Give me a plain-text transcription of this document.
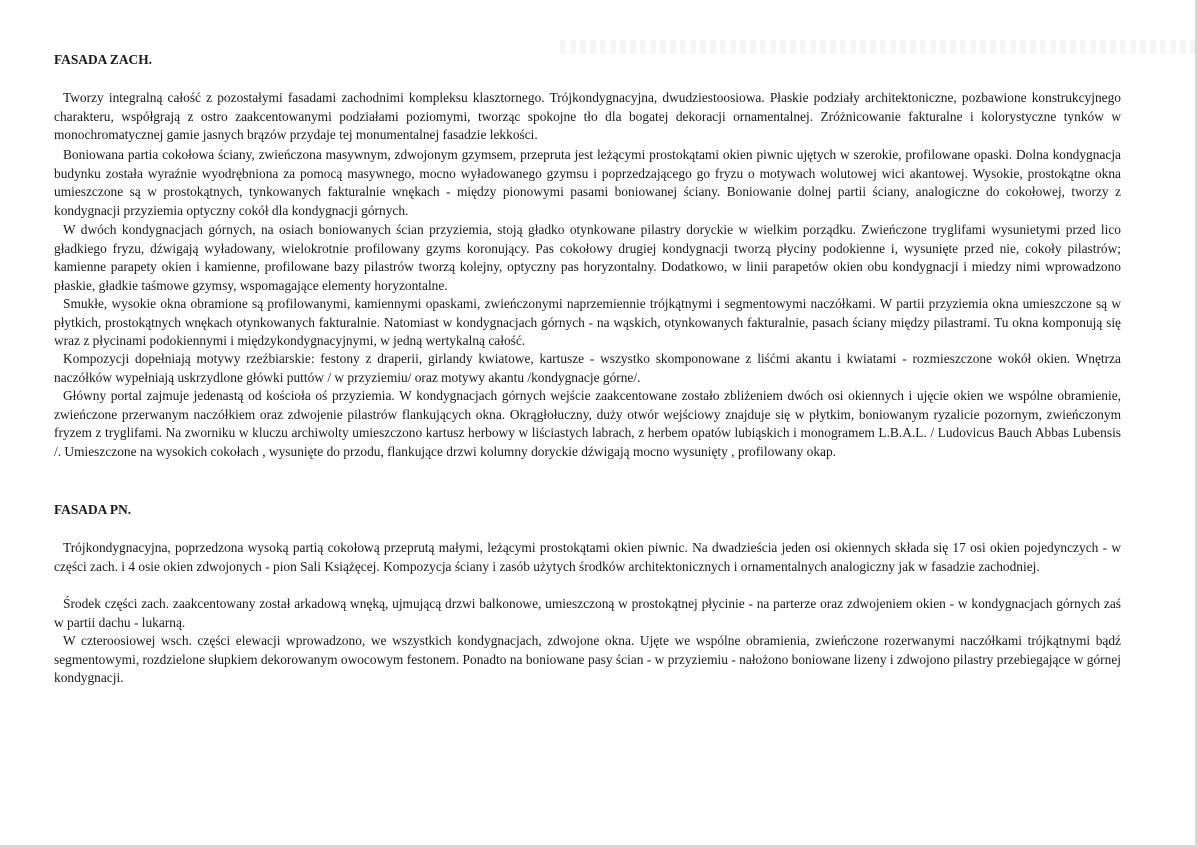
FASADA ZACH.

Tworzy integralną całość z pozostałymi fasadami zachodnimi kompleksu klasztornego. Trójkondygnacyjna, dwudziestoosiowa. Płaskie podziały architektoniczne, pozbawione konstrukcyjnego charakteru, współgrają z ostro zaakcentowanymi podziałami poziomymi, tworząc spokojne tło dla bogatej dekoracji ornamentalnej. Zróżnicowanie fakturalne i kolorystyczne tynków w monochromatycznej gamie jasnych brązów przydaje tej monumentalnej fasadzie lekkości.

Boniowana partia cokołowa ściany, zwieńczona masywnym, zdwojonym gzymsem, przepruta jest leżącymi prostokątami okien piwnic ujętych w szerokie, profilowane opaski. Dolna kondygnacja budynku została wyraźnie wyodrębniona za pomocą masywnego, mocno wyładowanego gzymsu i poprzedzającego go fryzu o motywach wolutowej wici akantowej. Wysokie, prostokątne okna umieszczone są w prostokątnych, tynkowanych fakturalnie wnękach - między pionowymi pasami boniowanej ściany. Boniowanie dolnej partii ściany, analogiczne do cokołowej, tworzy z kondygnacji przyziemia optyczny cokół dla kondygnacji górnych.

W dwóch kondygnacjach górnych, na osiach boniowanych ścian przyziemia, stoją gładko otynkowane pilastry doryckie w wielkim porządku. Zwieńczone tryglifami wysunietymi przed lico gładkiego fryzu, dźwigają wyładowany, wielokrotnie profilowany gzyms koronujący. Pas cokołowy drugiej kondygnacji tworzą płyciny podokienne i, wysunięte przed nie, cokoły pilastrów; kamienne parapety okien i kamienne, profilowane bazy pilastrów tworzą kolejny, optyczny pas horyzontalny. Dodatkowo, w linii parapetów okien obu kondygnacji i miedzy nimi wprowadzono płaskie, gładkie taśmowe gzymsy, wspomagające elementy horyzontalne.

Smukłe, wysokie okna obramione są profilowanymi, kamiennymi opaskami, zwieńczonymi naprzemiennie trójkątnymi i segmentowymi naczółkami. W partii przyziemia okna umieszczone są w płytkich, prostokątnych wnękach otynkowanych fakturalnie. Natomiast w kondygnacjach górnych - na wąskich, otynkowanych fakturalnie, pasach ściany między pilastrami. Tu okna komponują się wraz z płycinami podokiennymi i międzykondygnacyjnymi, w jedną wertykalną całość.

Kompozycji dopełniają motywy rzeźbiarskie: festony z draperii, girlandy kwiatowe, kartusze - wszystko skomponowane z liśćmi akantu i kwiatami - rozmieszczone wokół okien. Wnętrza naczółków wypełniają uskrzydlone główki puttów / w przyziemiu/ oraz motywy akantu /kondygnacje górne/.

Główny portal zajmuje jedenastą od kościoła oś przyziemia. W kondygnacjach górnych wejście zaakcentowane zostało zbliżeniem dwóch osi okiennych i ujęcie okien we wspólne obramienie, zwieńczone przerwanym naczółkiem oraz zdwojenie pilastrów flankujących okna. Okrągłołuczny, duży otwór wejściowy znajduje się w płytkim, boniowanym ryzalicie pozornym, zwieńczonym fryzem z tryglifami. Na zworniku w kluczu archiwolty umieszczono kartusz herbowy w liściastych labrach, z herbem opatów lubiąskich i monogramem L.B.A.L. / Ludovicus Bauch Abbas Lubensis /. Umieszczone na wysokich cokołach , wysunięte do przodu, flankujące drzwi kolumny doryckie dźwigają mocno wysunięty , profilowany okap.

FASADA PN.

Trójkondygnacyjna, poprzedzona wysoką partią cokołową przeprutą małymi, leżącymi prostokątami okien piwnic. Na dwadzieścia jeden osi okiennych składa się 17 osi okien pojedynczych - w części zach. i 4 osie okien zdwojonych - pion Sali Książęcej. Kompozycja ściany i zasób użytych środków architektonicznych i ornamentalnych analogiczny jak w fasadzie zachodniej.

Środek części zach. zaakcentowany został arkadową wnęką, ujmującą drzwi balkonowe, umieszczoną w prostokątnej płycinie - na parterze oraz zdwojeniem okien - w kondygnacjach górnych zaś w partii dachu - lukarną.

W czteroosiowej wsch. części elewacji wprowadzono, we wszystkich kondygnacjach, zdwojone okna. Ujęte we wspólne obramienia, zwieńczone rozerwanymi naczółkami trójkątnymi bądź segmentowymi, rozdzielone słupkiem dekorowanym owocowym festonem. Ponadto na boniowane pasy ścian - w przyziemiu - nałożono boniowane lizeny i zdwojono pilastry przebiegające w górnej kondygnacji.
